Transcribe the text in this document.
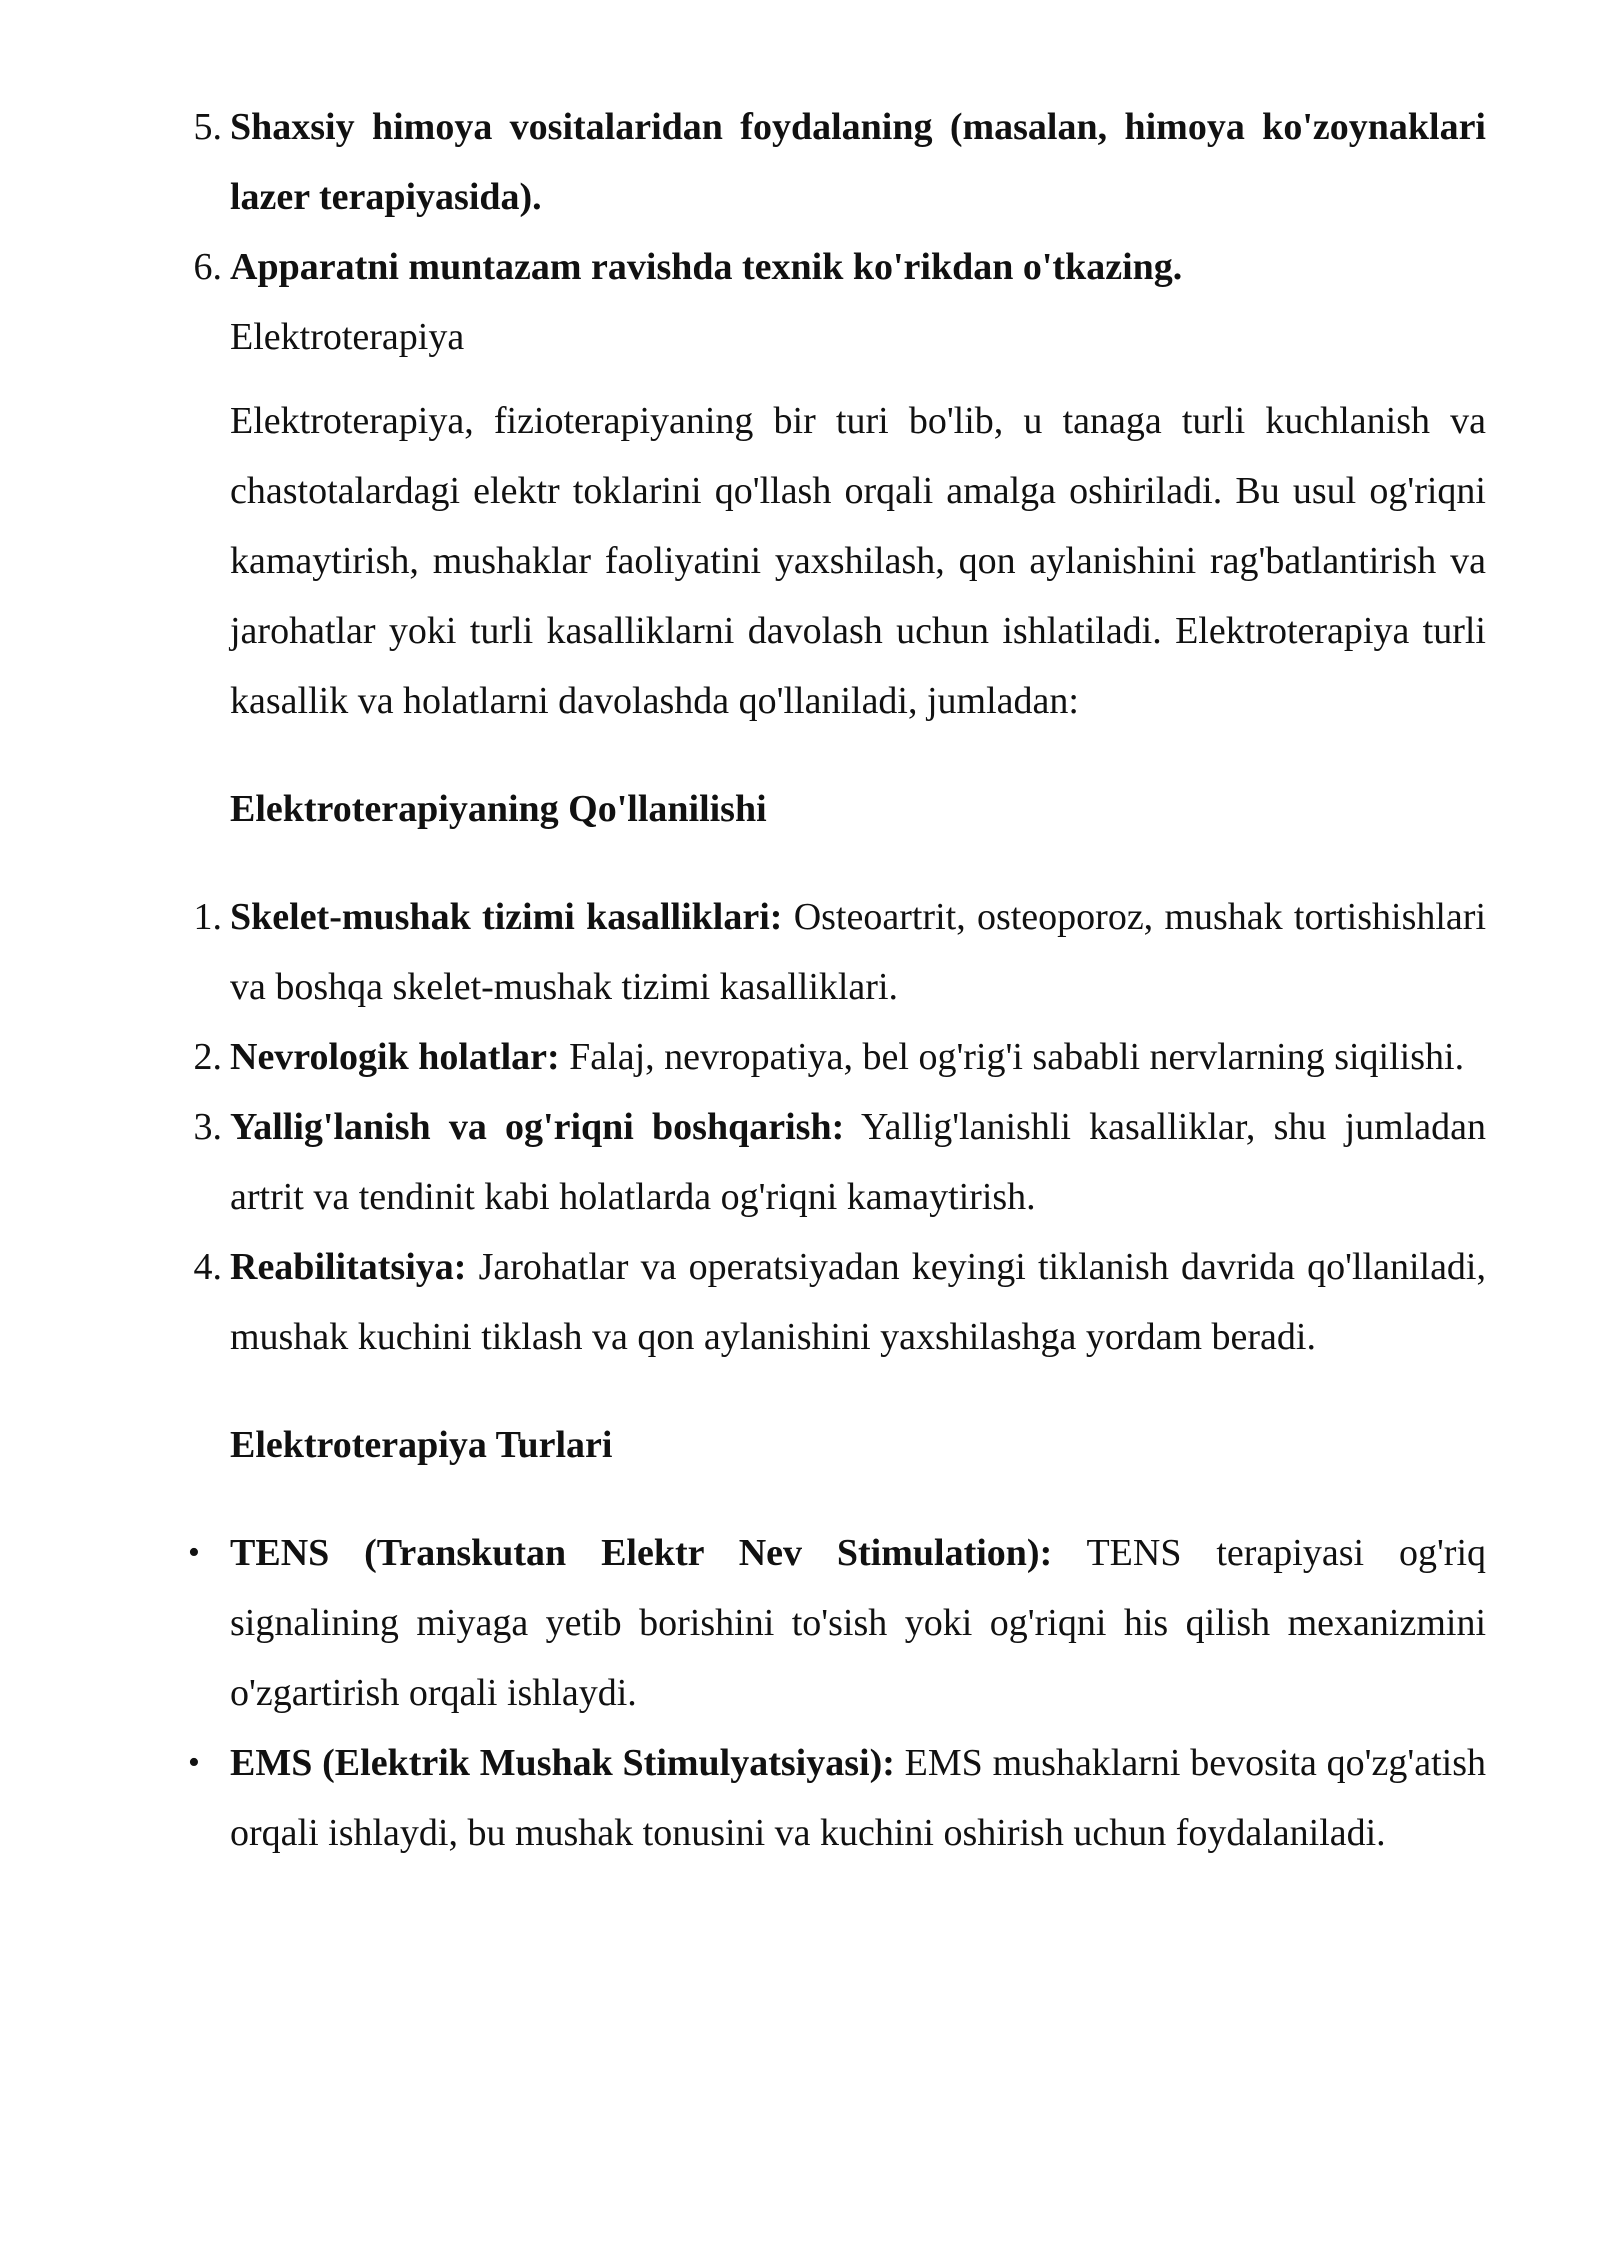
5. Shaxsiy himoya vositalaridan foydalaning (masalan, himoya ko'zoynaklari lazer terapiyasida).
6. Apparatni muntazam ravishda texnik ko'rikdan o'tkazing.

Elektroterapiya

Elektroterapiya, fizioterapiyaning bir turi bo'lib, u tanaga turli kuchlanish va chastotalardagi elektr toklarini qo'llash orqali amalga oshiriladi. Bu usul og'riqni kamaytirish, mushaklar faoliyatini yaxshilash, qon aylanishini rag'batlantirish va jarohatlar yoki turli kasalliklarni davolash uchun ishlatiladi. Elektroterapiya turli kasallik va holatlarni davolashda qo'llaniladi, jumladan:

Elektroterapiyaning Qo'llanilishi

1. Skelet-mushak tizimi kasalliklari: Osteoartrit, osteoporoz, mushak tortishishlari va boshqa skelet-mushak tizimi kasalliklari.
2. Nevrologik holatlar: Falaj, nevropatiya, bel og'rig'i sababli nervlarning siqilishi.
3. Yallig'lanish va og'riqni boshqarish: Yallig'lanishli kasalliklar, shu jumladan artrit va tendinit kabi holatlarda og'riqni kamaytirish.
4. Reabilitatsiya: Jarohatlar va operatsiyadan keyingi tiklanish davrida qo'llaniladi, mushak kuchini tiklash va qon aylanishini yaxshilashga yordam beradi.

Elektroterapiya Turlari

• TENS (Transkutan Elektr Nev Stimulation): TENS terapiyasi og'riq signalining miyaga yetib borishini to'sish yoki og'riqni his qilish mexanizmini o'zgartirish orqali ishlaydi.
• EMS (Elektrik Mushak Stimulyatsiyasi): EMS mushaklarni bevosita qo'zg'atish orqali ishlaydi, bu mushak tonusini va kuchini oshirish uchun foydalaniladi.
